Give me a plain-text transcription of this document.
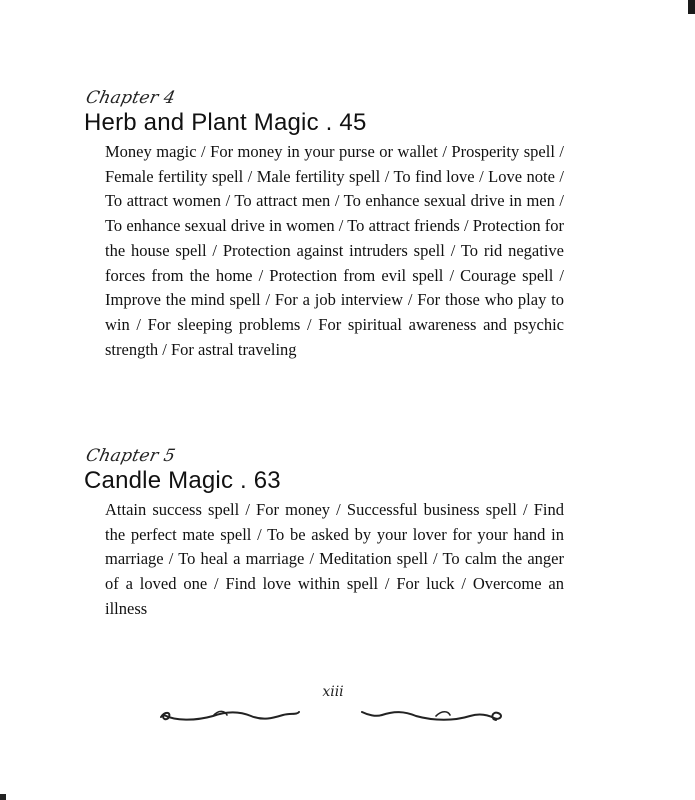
Chapter 4
Herb and Plant Magic . 45

Money magic / For money in your purse or wallet / Prosperity spell / Female fertility spell / Male fertility spell / To find love / Love note / To attract women / To attract men / To enhance sexual drive in men / To enhance sexual drive in women / To attract friends / Protection for the house spell / Protection against intruders spell / To rid negative forces from the home / Protection from evil spell / Courage spell / Improve the mind spell / For a job interview / For those who play to win / For sleeping problems / For spiritual awareness and psychic strength / For astral traveling

Chapter 5
Candle Magic . 63

Attain success spell / For money / Successful business spell / Find the perfect mate spell / To be asked by your lover for your hand in marriage / To heal a marriage / Meditation spell / To calm the anger of a loved one / Find love within spell / For luck / Overcome an illness

xiii
